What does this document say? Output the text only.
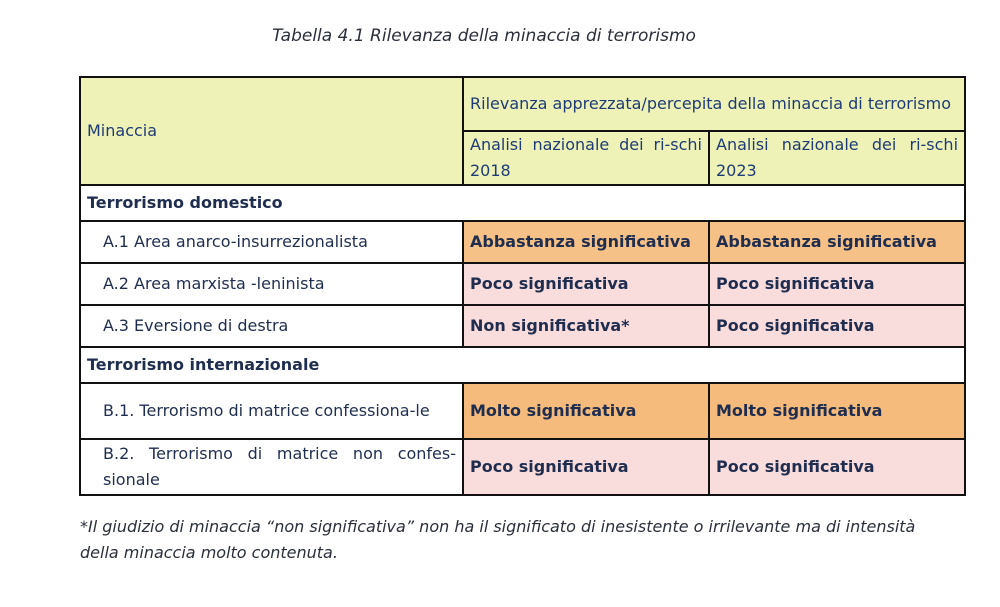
Tabella 4.1 Rilevanza della minaccia di terrorismo
Minaccia	Rilevanza apprezzata/percepita della minaccia di terrorismo	
	Analisi nazionale dei ri-schi 2018	Analisi nazionale dei ri-schi 2023
Terrorismo domestico		
A.1 Area anarco-insurrezionalista	Abbastanza significativa	Abbastanza significativa
A.2 Area marxista -leninista	Poco significativa	Poco significativa
A.3 Eversione di destra	Non significativa*	Poco significativa
Terrorismo internazionale		
B.1. Terrorismo di matrice confessiona-le	Molto significativa	Molto significativa
B.2. Terrorismo di matrice non confes-sionale	Poco significativa	Poco significativa
*Il giudizio di minaccia “non significativa” non ha il significato di inesistente o irrilevante ma di intensità della minaccia molto contenuta.
